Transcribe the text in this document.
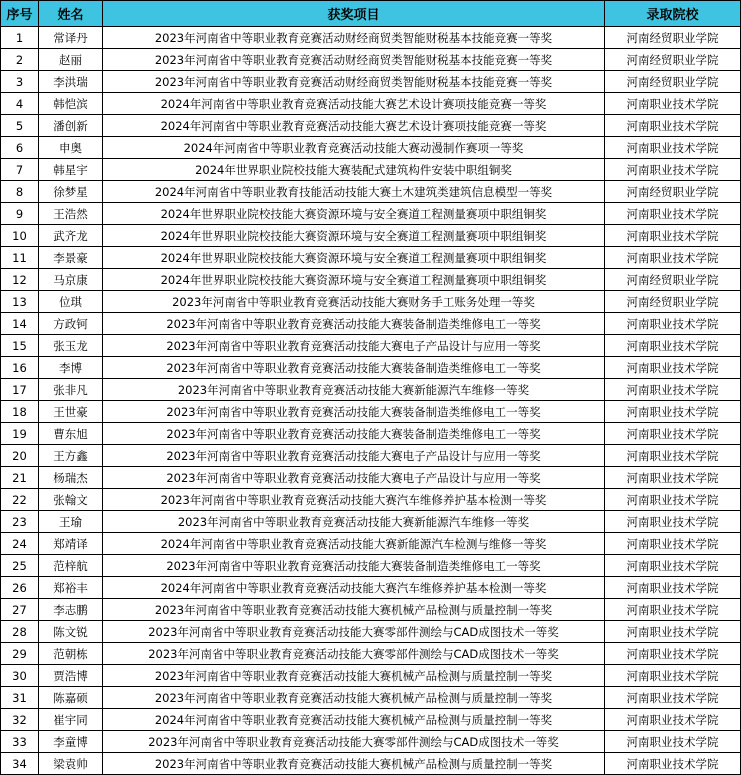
序号	姓名	获奖项目	录取院校
1	常译丹	2023年河南省中等职业教育竞赛活动财经商贸类智能财税基本技能竞赛一等奖	河南经贸职业学院
2	赵丽	2023年河南省中等职业教育竞赛活动财经商贸类智能财税基本技能竞赛一等奖	河南经贸职业学院
3	李洪瑞	2023年河南省中等职业教育竞赛活动财经商贸类智能财税基本技能竞赛一等奖	河南经贸职业学院
4	韩恺滨	2024年河南省中等职业教育竞赛活动技能大赛艺术设计赛项技能竞赛一等奖	河南职业技术学院
5	潘创新	2024年河南省中等职业教育竞赛活动技能大赛艺术设计赛项技能竞赛一等奖	河南职业技术学院
6	申奥	2024年河南省中等职业教育竞赛活动技能大赛动漫制作赛项一等奖	河南职业技术学院
7	韩星宇	2024年世界职业院校技能大赛装配式建筑构件安装中职组铜奖	河南职业技术学院
8	徐梦星	2024年河南省中等职业教育技能活动技能大赛土木建筑类建筑信息模型一等奖	河南经贸职业学院
9	王浩然	2024年世界职业院校技能大赛资源环境与安全赛道工程测量赛项中职组铜奖	河南职业技术学院
10	武齐龙	2024年世界职业院校技能大赛资源环境与安全赛道工程测量赛项中职组铜奖	河南职业技术学院
11	李景豪	2024年世界职业院校技能大赛资源环境与安全赛道工程测量赛项中职组铜奖	河南职业技术学院
12	马京康	2024年世界职业院校技能大赛资源环境与安全赛道工程测量赛项中职组铜奖	河南经贸职业学院
13	位琪	2023年河南省中等职业教育竞赛活动技能大赛财务手工账务处理一等奖	河南经贸职业学院
14	方政钶	2023年河南省中等职业教育竞赛活动技能大赛装备制造类维修电工一等奖	河南职业技术学院
15	张玉龙	2023年河南省中等职业教育竞赛活动技能大赛电子产品设计与应用一等奖	河南职业技术学院
16	李博	2023年河南省中等职业教育竞赛活动技能大赛装备制造类维修电工一等奖	河南职业技术学院
17	张非凡	2023年河南省中等职业教育竞赛活动技能大赛新能源汽车维修一等奖	河南职业技术学院
18	王世豪	2023年河南省中等职业教育竞赛活动技能大赛装备制造类维修电工一等奖	河南职业技术学院
19	曹东旭	2023年河南省中等职业教育竞赛活动技能大赛装备制造类维修电工一等奖	河南职业技术学院
20	王方鑫	2023年河南省中等职业教育竞赛活动技能大赛电子产品设计与应用一等奖	河南职业技术学院
21	杨瑞杰	2023年河南省中等职业教育竞赛活动技能大赛电子产品设计与应用一等奖	河南职业技术学院
22	张翰文	2023年河南省中等职业教育竞赛活动技能大赛汽车维修养护基本检测一等奖	河南职业技术学院
23	王瑜	2023年河南省中等职业教育竞赛活动技能大赛新能源汽车维修一等奖	河南职业技术学院
24	郑靖译	2024年河南省中等职业教育竞赛活动技能大赛新能源汽车检测与维修一等奖	河南职业技术学院
25	范梓航	2023年河南省中等职业教育竞赛活动技能大赛装备制造类维修电工一等奖	河南职业技术学院
26	郑裕丰	2024年河南省中等职业教育竞赛活动技能大赛汽车维修养护基本检测一等奖	河南职业技术学院
27	李志鹏	2023年河南省中等职业教育竞赛活动技能大赛机械产品检测与质量控制一等奖	河南职业技术学院
28	陈文锐	2023年河南省中等职业教育竞赛活动技能大赛零部件测绘与CAD成图技术一等奖	河南职业技术学院
29	范朝栋	2023年河南省中等职业教育竞赛活动技能大赛零部件测绘与CAD成图技术一等奖	河南职业技术学院
30	贾浩博	2023年河南省中等职业教育竞赛活动技能大赛机械产品检测与质量控制一等奖	河南职业技术学院
31	陈嘉硕	2023年河南省中等职业教育竞赛活动技能大赛机械产品检测与质量控制一等奖	河南职业技术学院
32	崔宇同	2024年河南省中等职业教育竞赛活动技能大赛机械产品检测与质量控制一等奖	河南职业技术学院
33	李童博	2023年河南省中等职业教育竞赛活动技能大赛零部件测绘与CAD成图技术一等奖	河南职业技术学院
34	梁袁帅	2023年河南省中等职业教育竞赛活动技能大赛机械产品检测与质量控制一等奖	河南职业技术学院
